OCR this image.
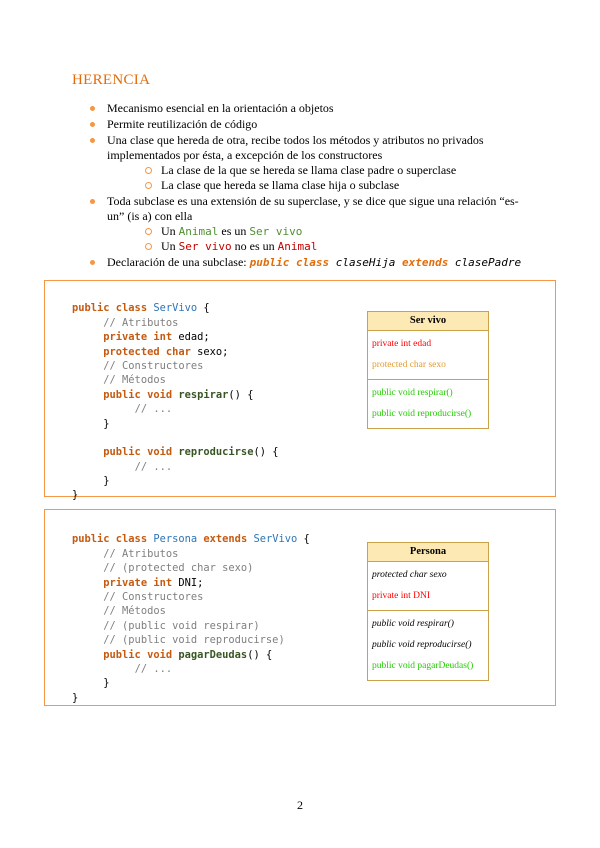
HERENCIA
Mecanismo esencial en la orientación a objetos
Permite reutilización de código
Una clase que hereda de otra, recibe todos los métodos y atributos no privados implementados por ésta, a excepción de los constructores
La clase de la que se hereda se llama clase padre o superclase
La clase que hereda se llama clase hija o subclase
Toda subclase es una extensión de su superclase, y se dice que sigue una relación “es-un” (is a) con ella
Un Animal es un Ser vivo
Un Ser vivo no es un Animal
Declaración de una subclase: public class claseHija extends clasePadre

public class SerVivo {
// Atributos
private int edad;
protected char sexo;
// Constructores
// Métodos
public void respirar() {
// ...
}
public void reproducirse() {
// ...
}
}

Ser vivo
private int edad
protected char sexo
public void respirar()
public void reproducirse()

public class Persona extends SerVivo {
// Atributos
// (protected char sexo)
private int DNI;
// Constructores
// Métodos
// (public void respirar)
// (public void reproducirse)
public void pagarDeudas() {
// ...
}
}

Persona
protected char sexo
private int DNI
public void respirar()
public void reproducirse()
public void pagarDeudas()
2
